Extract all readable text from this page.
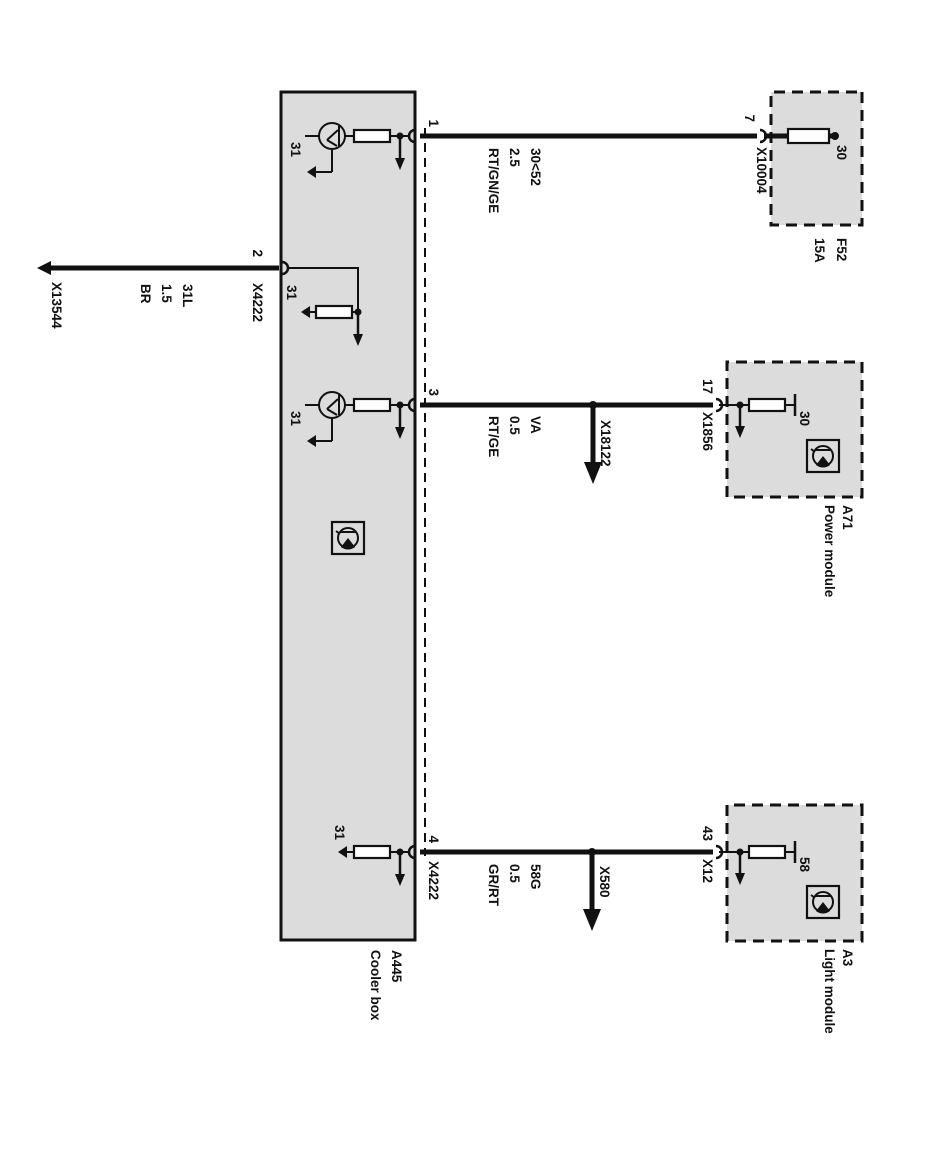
30
F52
15A
7
X10004
30<52
2.5
RT/GN/GE
1
31
17
X1856	30
A71
Power module
X18122
VA
0.5
RT/GE
3
31
43
X12	58
A3
Light module
X580
58G
0.5
GR/RT
4
X4222
31
2
X4222
31L
1.5
BR
X13544	31
A445
Cooler box
